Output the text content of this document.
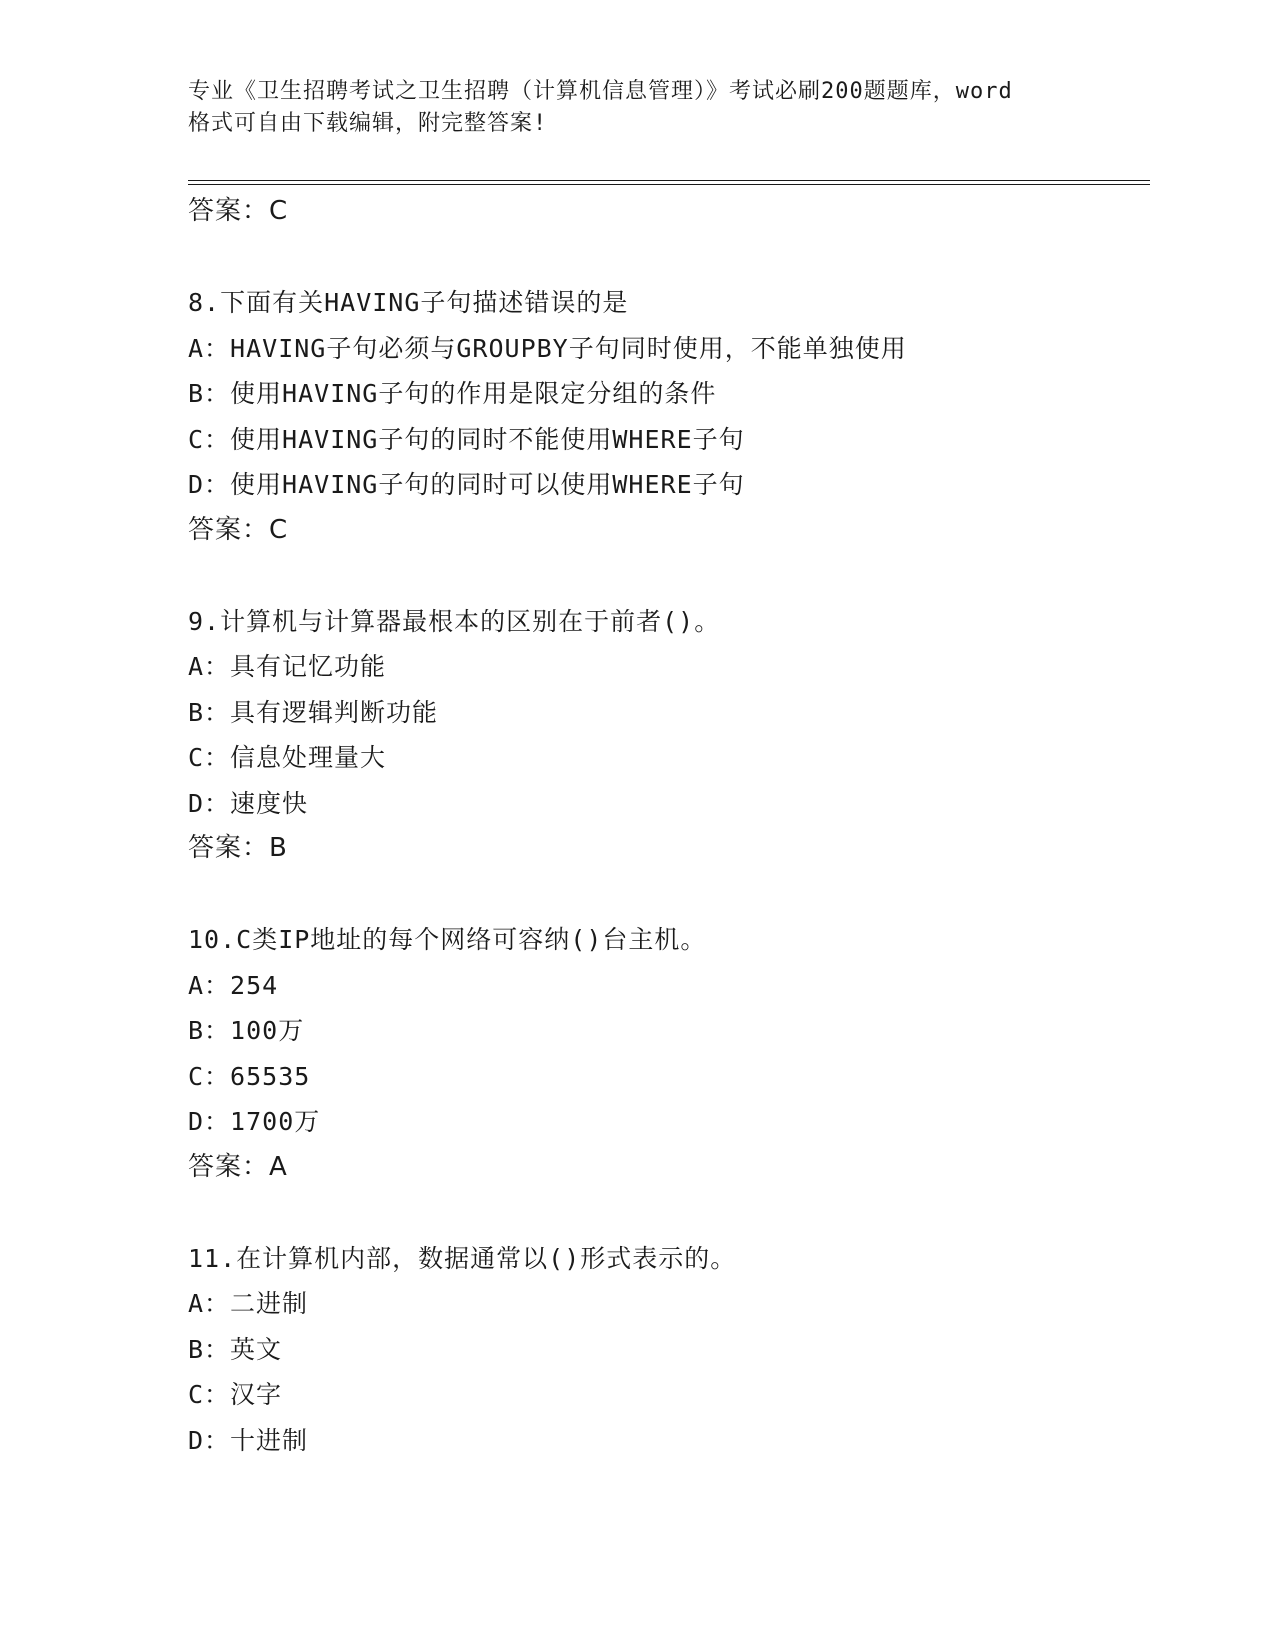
专业《卫生招聘考试之卫生招聘（计算机信息管理）》考试必刷200题题库，word
格式可自由下载编辑，附完整答案!
答案：C
8.下面有关HAVING子句描述错误的是
A：HAVING子句必须与GROUPBY子句同时使用，不能单独使用
B：使用HAVING子句的作用是限定分组的条件
C：使用HAVING子句的同时不能使用WHERE子句
D：使用HAVING子句的同时可以使用WHERE子句
答案：C
9.计算机与计算器最根本的区别在于前者()。
A：具有记忆功能
B：具有逻辑判断功能
C：信息处理量大
D：速度快
答案：B
10.C类IP地址的每个网络可容纳()台主机。
A：254
B：100万
C：65535
D：1700万
答案：A
11.在计算机内部，数据通常以()形式表示的。
A：二进制
B：英文
C：汉字
D：十进制
